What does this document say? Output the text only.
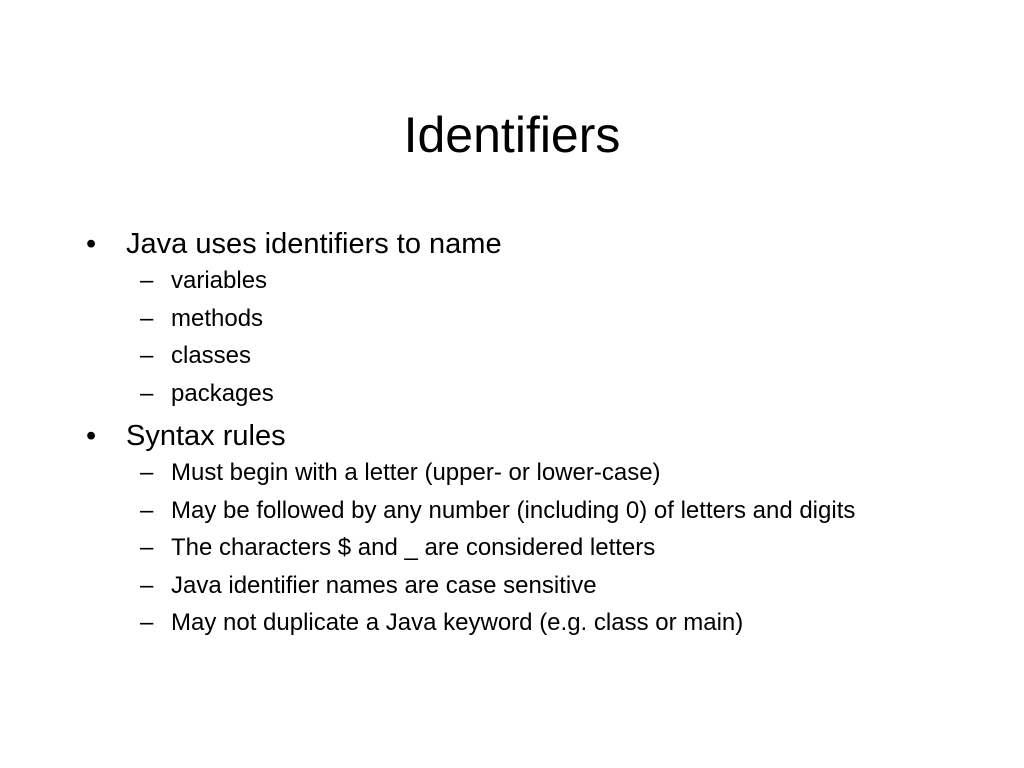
Identifiers
• Java uses identifiers to name
– variables
– methods
– classes
– packages
• Syntax rules
– Must begin with a letter (upper- or lower-case)
– May be followed by any number (including 0) of letters and digits
– The characters $ and _ are considered letters
– Java identifier names are case sensitive
– May not duplicate a Java keyword (e.g. class or main)
